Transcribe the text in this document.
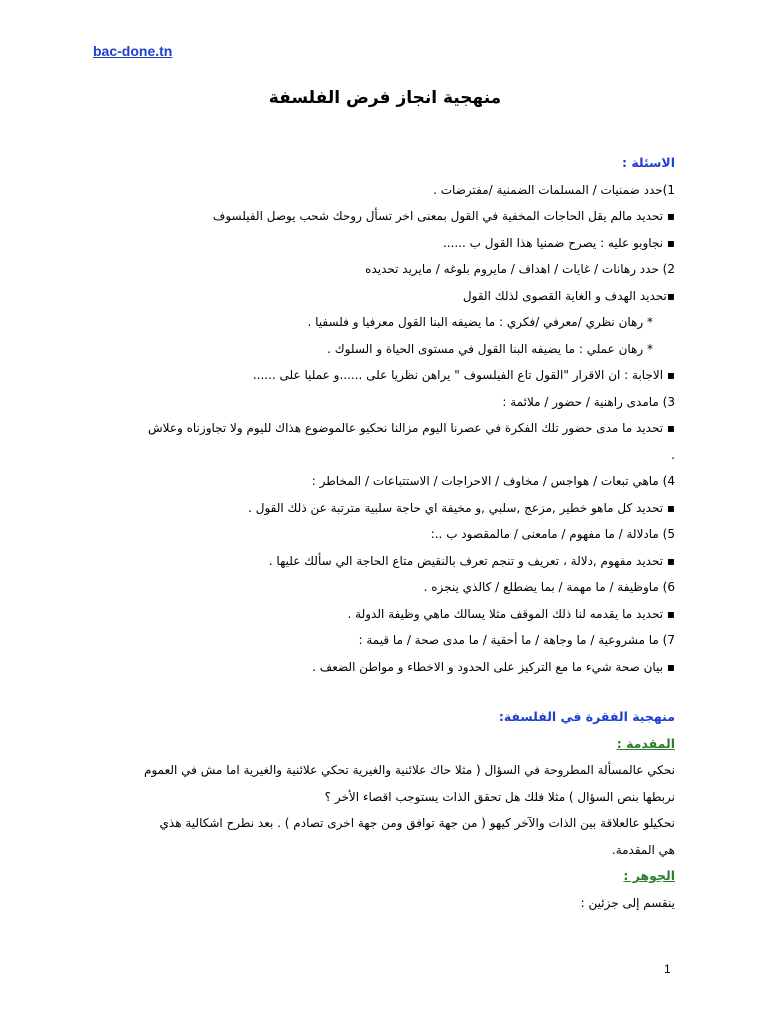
bac-done.tn
منهجية انجاز فرض الفلسفة
الاسئلة :
1)حدد ضمنيات / المسلمات الضمنية /مفترضات .
▪ تحديد مالم يقل الحاجات المخفية في القول بمعنى اخر تسأل روحك شحب يوصل الفيلسوف
▪ نجاوبو عليه : يصرح ضمنيا هذا القول ب ......
2) حدد رهانات / غايات / اهداف / مايروم بلوغه / مايريد تحديده
▪تحديد الهدف و الغاية القصوى لذلك القول
* رهان نظري /معرفي /فكري : ما يضيفه البنا القول معرفيا و فلسفيا .
* رهان عملي : ما يضيفه البنا القول في مستوى الحياة و السلوك .
▪ الاجابة : ان الاقرار "القول تاع الفيلسوف " يراهن نظريا على ......و عمليا على ......
3) مامدى راهنية / حضور / ملائمة :
▪ تحديد ما مدى حضور تلك الفكرة في عصرنا اليوم مزالنا نحكيو عالموضوع هذاك لليوم ولا تجاوزناه وعلاش
.
4) ماهي تبعات / هواجس / مخاوف / الاحراجات / الاستتباعات / المخاطر :
▪ تحديد كل ماهو خطير ,مزعج ,سلبي ,و مخيفة اي حاجة سلبية مترتبة عن ذلك القول .
5) مادلالة / ما مفهوم / مامعنى / مالمقصود ب ..:
▪ تحديد مفهوم ,دلالة ، تعريف و تنجم تعرف بالنقيض متاع الحاجة الي سألك عليها .
6) ماوظيفة / ما مهمة / بما يضطلع / كالذي ينجزه .
▪ تحديد ما يقدمه لنا ذلك الموقف مثلا يسالك ماهي وظيفة الدولة .
7) ما مشروعية / ما وجاهة / ما أحقية / ما مدى صحة / ما قيمة :
▪ بيان صحة شيء ما مع التركيز على الحدود و الاخطاء و مواطن الضعف .
منهجية الفقرة في الفلسفة:
المقدمة :
نحكي عالمسألة المطروحة في السؤال ( مثلا حاك علائنية والغيرية تحكي علائنية والغيرية اما مش في العموم
نربطها بنص السؤال ) مثلا فلك هل تحقق الذات يستوجب اقصاء الأخر ؟
نحكيلو عالعلاقة بين الذات والآخر كيهو ( من جهة توافق ومن جهة اخرى تصادم ) . بعد نطرح اشكالية هذي
هي المقدمة.
الجوهر :
ينقسم إلى جزئين :
1
